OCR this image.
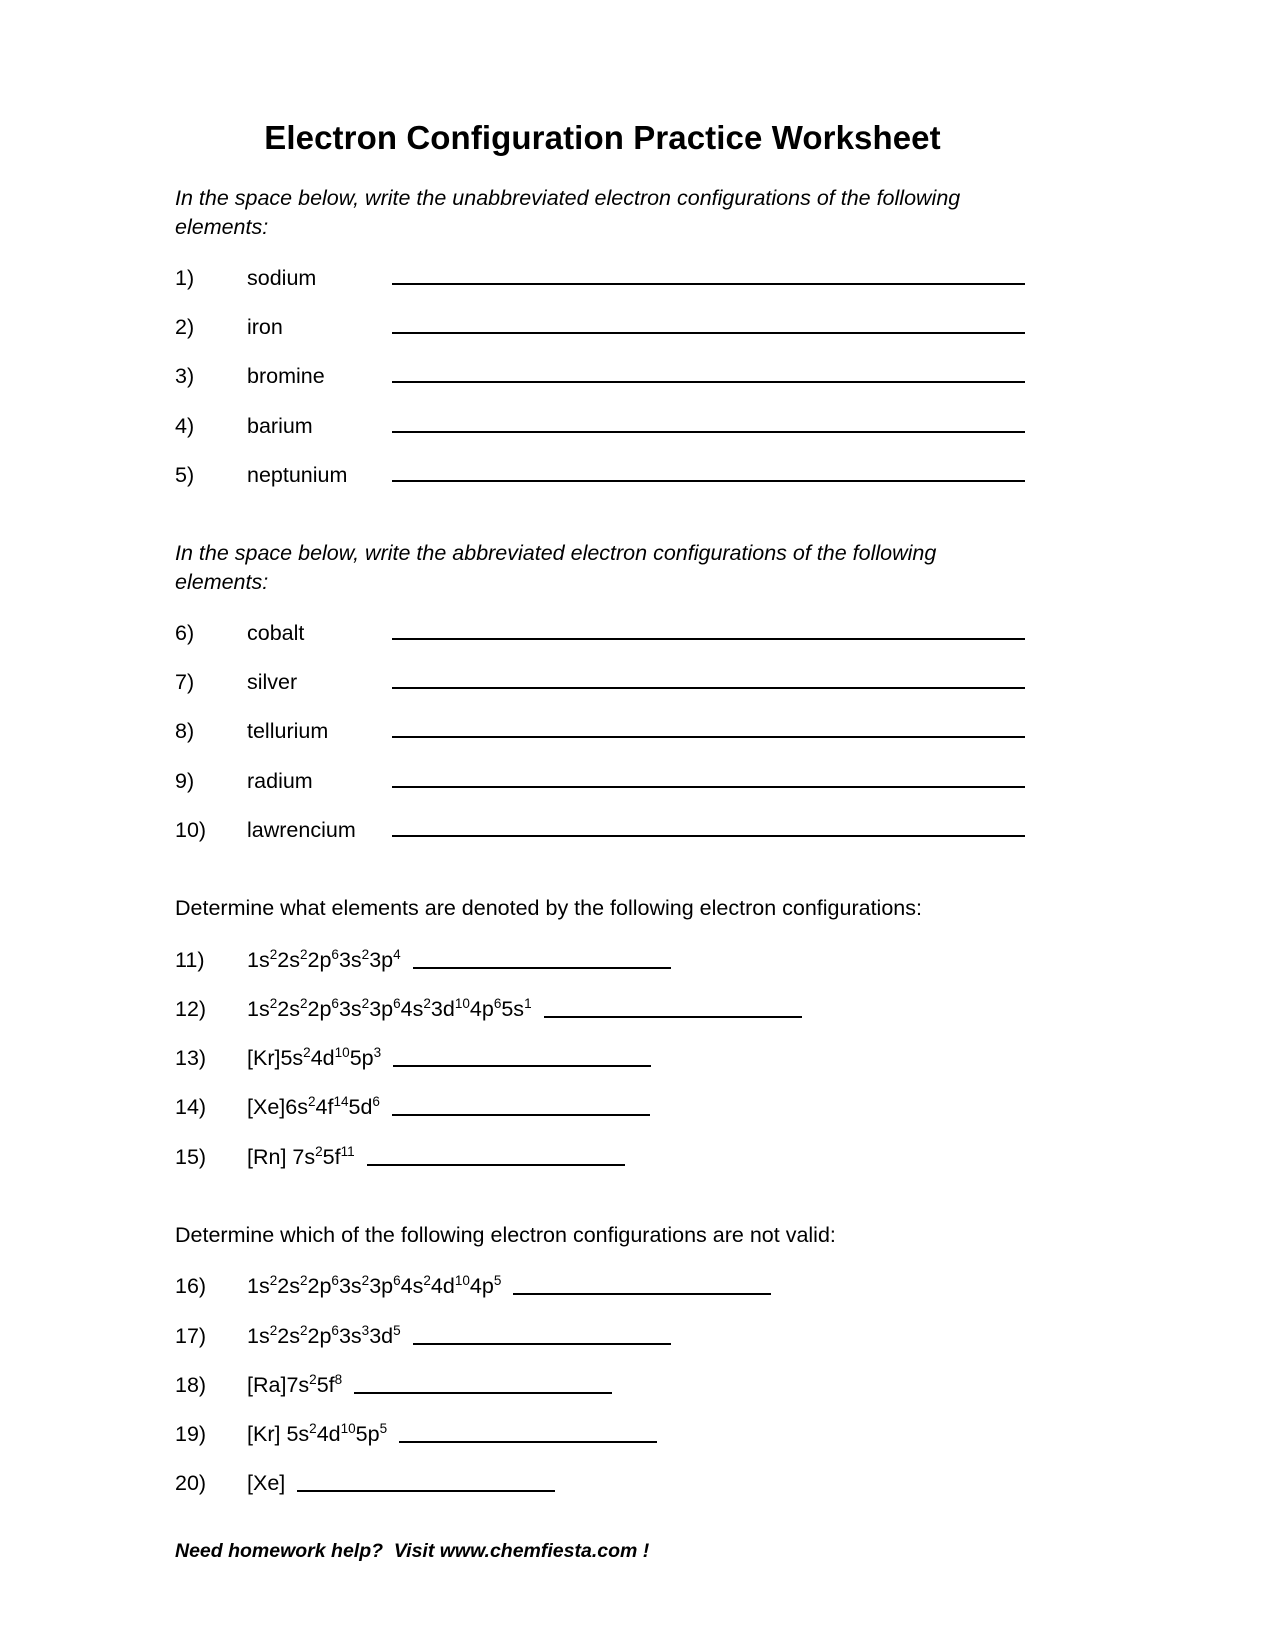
Electron Configuration Practice Worksheet

In the space below, write the unabbreviated electron configurations of the following elements:

1)	sodium
2)	iron
3)	bromine
4)	barium
5)	neptunium

In the space below, write the abbreviated electron configurations of the following elements:

6)	cobalt
7)	silver
8)	tellurium
9)	radium
10)	lawrencium

Determine what elements are denoted by the following electron configurations:

11)	$1s^22s^22p^63s^23p^4$
12)	$1s^22s^22p^63s^23p^64s^23d^{10}4p^65s^1$
13)	$[Kr]5s^24d^{10}5p^3$
14)	$[Xe]6s^24f^{14}5d^6$
15)	[Rn] $7s^25f^{11}$

Determine which of the following electron configurations are not valid:

16)	$1s^22s^22p^63s^23p^64s^24d^{10}4p^5$
17)	$1s^22s^22p^63s^33d^5$
18)	$[Ra]7s^25f^8$
19)	[Kr] $5s^24d^{10}5p^5$
20)	[Xe]
Need homework help?  Visit www.chemfiesta.com !
